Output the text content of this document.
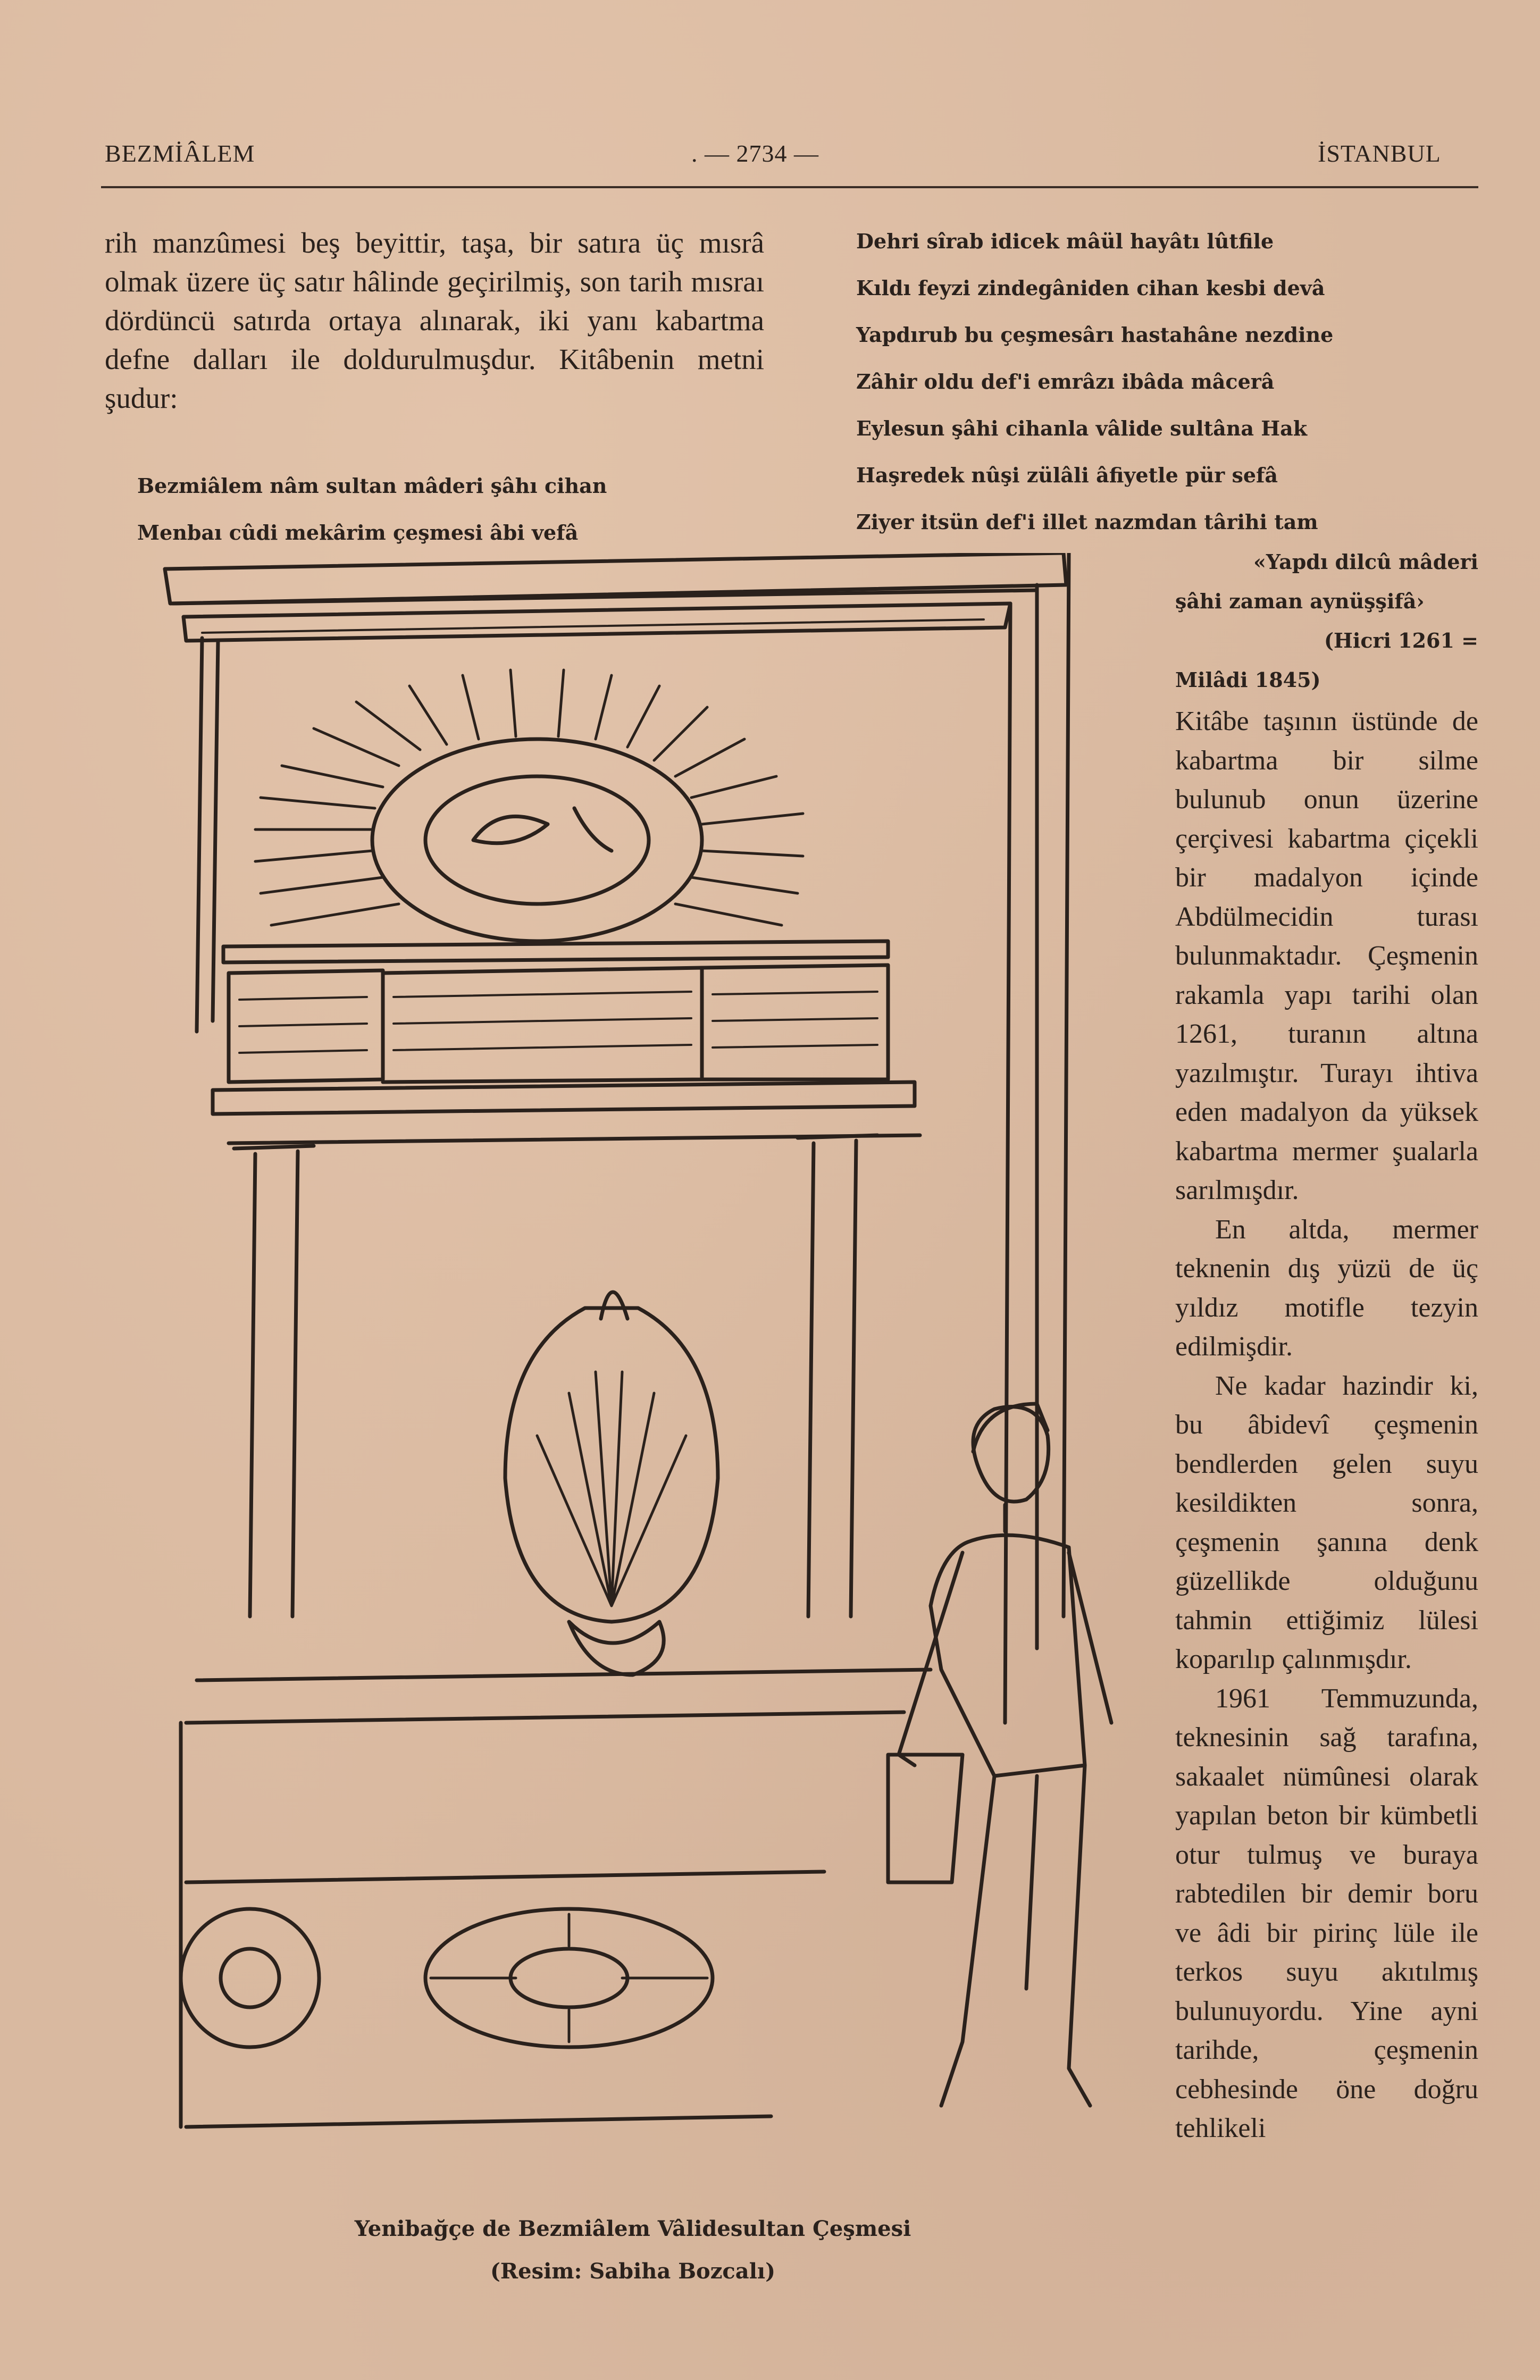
BEZMİÂLEM	. — 2734 —	İSTANBUL

rih manzûmesi beş beyittir, taşa, bir satıra üç mısrâ olmak üzere üç satır hâlinde geçirilmiş, son tarih mısraı dördüncü satırda ortaya alınarak, iki yanı kabartma defne dalları ile doldurulmuşdur. Kitâbenin metni şudur:

Bezmiâlem nâm sultan mâderi şâhı cihan
Menbaı cûdi mekârim çeşmesi âbi vefâ
Dehri sîrab idicek mâül hayâtı lûtfile
Kıldı feyzi zindegâniden cihan kesbi devâ
Yapdırub bu çeşmesârı hastahâne nezdine
Zâhir oldu def'i emrâzı ibâda mâcerâ
Eylesun şâhi cihanla vâlide sultâna Hak
Haşredek nûşi zülâli âfiyetle pür sefâ
Ziyer itsün def'i illet nazmdan târihi tam
«Yapdı dilcû mâderi
şâhi zaman aynüşşifâ›
(Hicri 1261 =
Milâdi 1845)

Kitâbe taşının üstünde de kabartma bir silme bulunub onun üzerine çerçivesi kabartma çiçekli bir madalyon içinde Abdülmecidin turası bulunmaktadır. Çeşmenin rakamla yapı tarihi olan 1261, turanın altına yazılmıştır. Turayı ihtiva eden madalyon da yüksek kabartma mermer şualarla sarılmışdır.

En altda, mermer teknenin dış yüzü de üç yıldız motifle tezyin edilmişdir.

Ne kadar hazindir ki, bu âbidevî çeşmenin bendlerden gelen suyu kesildikten sonra, çeşmenin şanına denk güzellikde olduğunu tahmin ettiğimiz lülesi koparılıp çalınmışdır.

1961 Temmuzunda, teknesinin sağ tarafına, sakaalet nümûnesi olarak yapılan beton bir kümbetli otur tulmuş ve buraya rabtedilen bir demir boru ve âdi bir pirinç lüle ile terkos suyu akıtılmış bulunuyordu. Yine ayni tarihde, çeşmenin cebhesinde öne doğru tehlikeli

Yenibağçe de Bezmiâlem Vâlidesultan Çeşmesi
(Resim: Sabiha Bozcalı)
